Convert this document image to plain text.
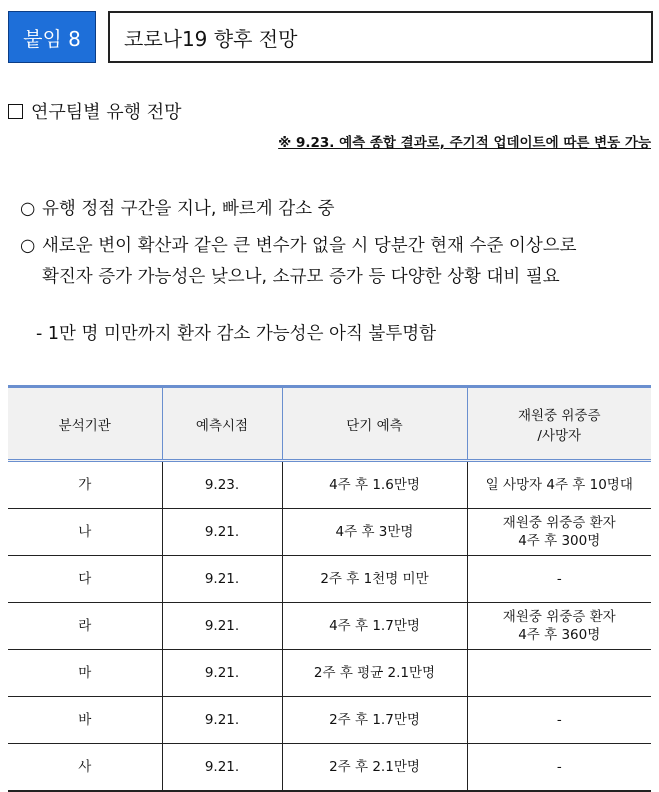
붙임 8	코로나19 향후 전망
연구팀별 유행 전망
※ 9.23. 예측 종합 결과로, 주기적 업데이트에 따른 변동 가능
○ 유행 정점 구간을 지나, 빠르게 감소 중
○ 새로운 변이 확산과 같은 큰 변수가 없을 시 당분간 현재 수준 이상으로
확진자 증가 가능성은 낮으나, 소규모 증가 등 다양한 상황 대비 필요
- 1만 명 미만까지 환자 감소 가능성은 아직 불투명함
분석기관	예측시점	단기 예측	재원중 위중증
/사망자
가	9.23.	4주 후 1.6만명	일 사망자 4주 후 10명대
나	9.21.	4주 후 3만명	재원중 위중증 환자
4주 후 300명
다	9.21.	2주 후 1천명 미만	-
라	9.21.	4주 후 1.7만명	재원중 위중증 환자
4주 후 360명
마	9.21.	2주 후 평균 2.1만명	
바	9.21.	2주 후 1.7만명	-
사	9.21.	2주 후 2.1만명	-
